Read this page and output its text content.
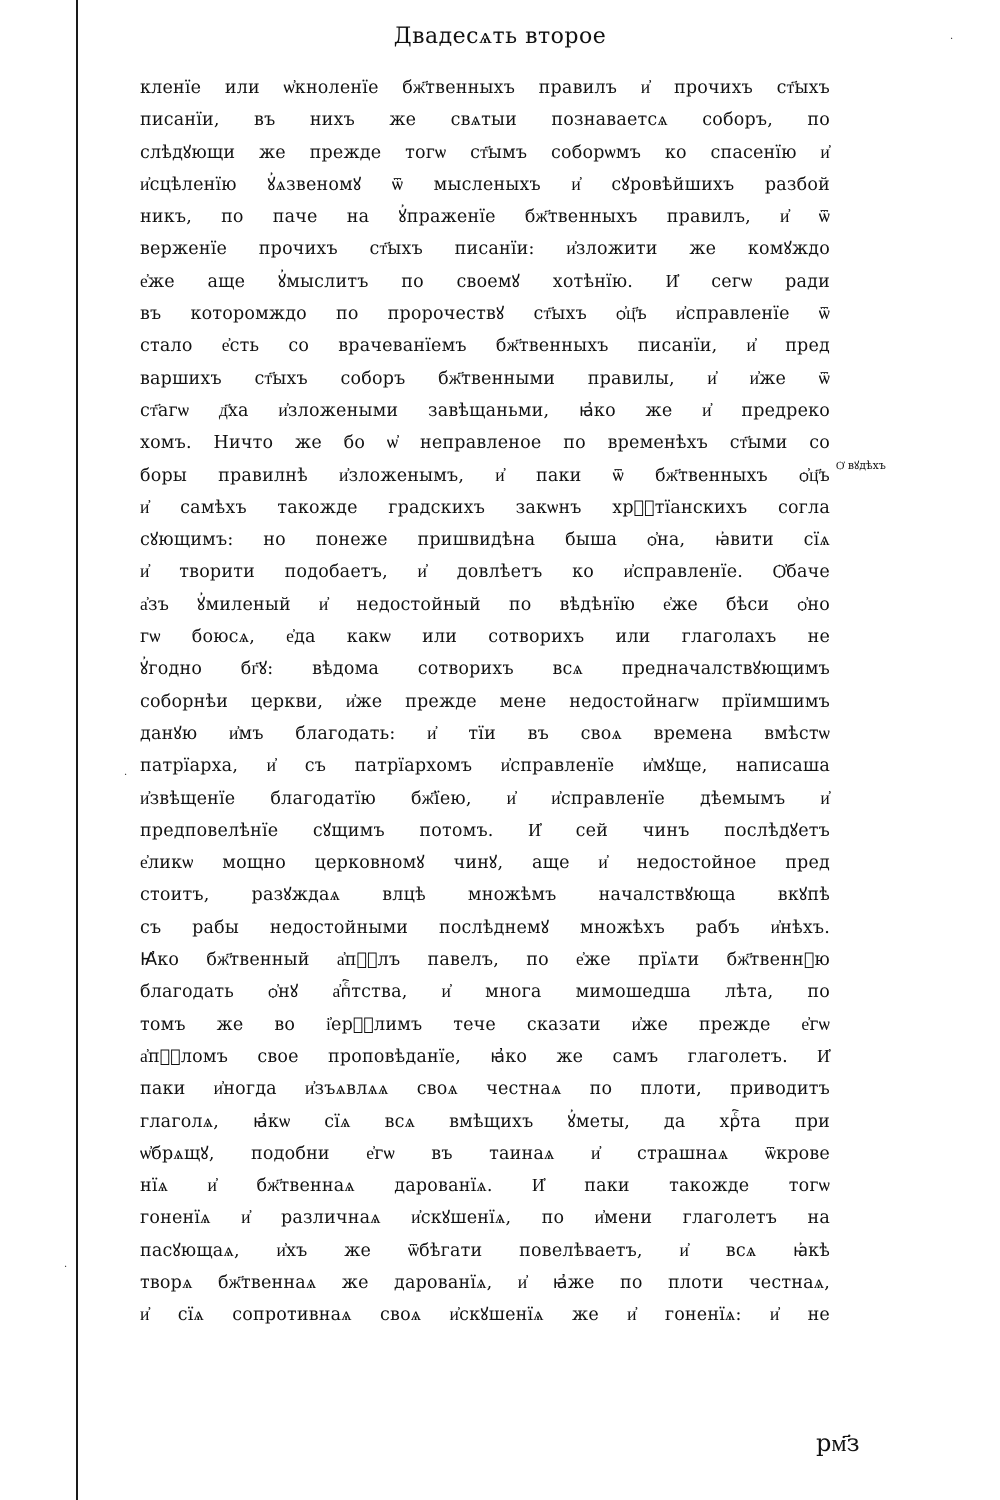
Двадесѧть второе
кленїе или ѡ҆кноленїе бж҃твенныхъ правилъ и҆ прочихъ ст҃ыхъ
писанїи, въ нихъ же свѧтыи познаваетсѧ соборъ, по
слѣдꙋющи же прежде тогѡ ст҃ымъ соборѡмъ ко спасенїю и҆
и҆сцѣленїю ꙋ҆ѧзвеномꙋ ѿ мысленыхъ и҆ сꙋровѣйшихъ разбой
никъ, по паче на ꙋ҆праженїе бж҃твенныхъ правилъ, и҆ ѿ
верженїе прочихъ ст҃ыхъ писанїи: и҆зложити же комꙋждо
е҆же аще ꙋ҆мыслитъ по своемꙋ хотѣнїю. И҆ сегѡ ради
въ которомждо по пророчествꙋ ст҃ыхъ ѻ҆ц҃ъ и҆справленїе ѿ
стало е҆сть со врачеванїемъ бж҃твенныхъ писанїи, и҆ пред
варшихъ ст҃ыхъ соборъ бж҃твенными правилы, и҆ и҆же ѿ
ст҃агѡ д҃ха и҆зложеными завѣщаньми, ꙗ҆ко же и҆ предреко
хомъ. Ничто же бо ѡ҆ неправленое по временѣхъ ст҃ыми со
боры правилнѣ и҆зложенымъ, и҆ паки ѿ бж҃твенныхъ ѻ҆ц҃ъ
и҆ самѣхъ такожде градскихъ закѡнъ хрⷭ҇тїанскихъ согла
сꙋющимъ: но понеже пришвидѣна быша ѻ҆на, ꙗ҆вити сїѧ
и҆ творити подобаетъ, и҆ довлѣетъ ко и҆справленїе. Ѻ҆баче
а҆зъ ꙋ҆миленый и҆ недостойный по вѣдѣнїю е҆же бѣси ѻ҆но
гѡ боюсѧ, е҆да какѡ или сотворихъ или глаголахъ не
ꙋ҆годно бг҃ꙋ: вѣдома сотворихъ всѧ предначалствꙋющимъ
соборнѣи церкви, и҆же прежде мене недостойнагѡ прїимшимъ
данꙋю и҆мъ благодать: и҆ тїи въ своѧ времена вмѣстѡ
патрїарха, и҆ съ патрїархомъ и҆справленїе и҆мꙋще, написаша
и҆звѣщенїе благодатїю бж҃їею, и҆ и҆справленїе дѣемымъ и҆
предповелѣнїе сꙋщимъ потомъ. И҆ сей чинъ послѣдꙋетъ
е҆ликѡ мощно церковномꙋ чинꙋ, аще и҆ недостойное пред
стоитъ, разꙋждаѧ влцѣ множѣмъ началствꙋюща вкꙋпѣ
съ рабы недостойными послѣднемꙋ множѣхъ рабъ и҆нѣхъ.
Ꙗ҆ко бж҃твенный а҆пⷭ҇лъ павелъ, по е҆же прїѧти бж҃твеннꙋю
благодать ѻ҆нꙋ а҆пⷭ҇тства, и҆ многа мимошедша лѣта, по
томъ же во і҆ерⷭ҇лимъ тече сказати и҆же прежде е҆гѡ
а҆пⷭ҇ломъ свое проповѣданїе, ꙗ҆ко же самъ глаголетъ. И҆
паки и҆ногда и҆зъѧвлѧѧ своѧ честнаѧ по плоти, приводитъ
глаголѧ, ꙗ҆кѡ сїѧ всѧ вмѣщихъ ꙋ҆меты, да хрⷭ҇та при
ѡ҆брѧщꙋ, подобни е҆гѡ въ таинаѧ и҆ страшнаѧ ѿкрове
нїѧ и҆ бж҃твеннаѧ дарованїѧ. И҆ паки такожде тогѡ
гоненїѧ и҆ различнаѧ и҆скꙋшенїѧ, по и҆мени глаголетъ на
пасꙋющаѧ, и҆хъ же ѿбѣгати повелѣваетъ, и҆ всѧ ꙗ҆кѣ
творѧ бж҃твеннаѧ же дарованїѧ, и҆ ꙗ҆же по плоти честнаѧ,
и҆ сїѧ сопротивнаѧ своѧ и҆скꙋшенїѧ же и҆ гоненїѧ: и҆ не
Ѻ҆ вꙋдѣхъ
рм҃з
·
·
·
